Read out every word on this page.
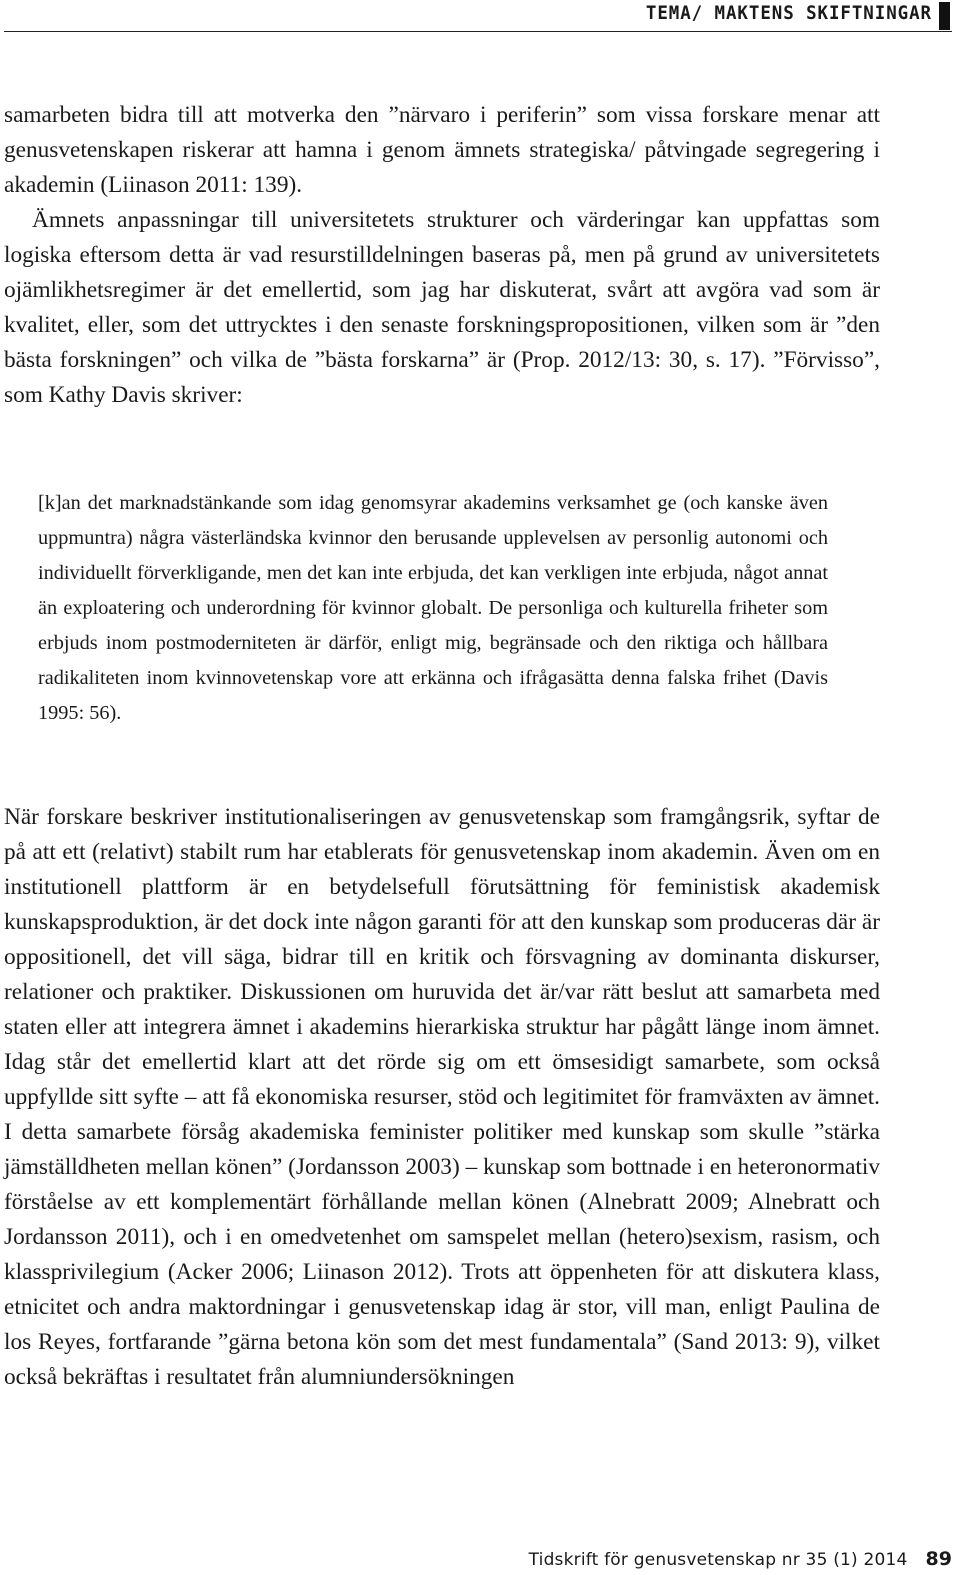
TEMA/ MAKTENS SKIFTNINGAR

samarbeten bidra till att motverka den ”närvaro i periferin” som vissa forskare menar att genusvetenskapen riskerar att hamna i genom ämnets strategiska/ påtvingade segregering i akademin (Liinason 2011: 139).

Ämnets anpassningar till universitetets strukturer och värderingar kan uppfattas som logiska eftersom detta är vad resurstilldelningen baseras på, men på grund av universitetets ojämlikhetsregimer är det emellertid, som jag har diskuterat, svårt att avgöra vad som är kvalitet, eller, som det uttrycktes i den senaste forskningspropositionen, vilken som är ”den bästa forskningen” och vilka de ”bästa forskarna” är (Prop. 2012/13: 30, s. 17). ”Förvisso”, som Kathy Davis skriver:

[k]an det marknadstänkande som idag genomsyrar akademins verksamhet ge (och kanske även uppmuntra) några västerländska kvinnor den berusande upplevelsen av personlig autonomi och individuellt förverkligande, men det kan inte erbjuda, det kan verkligen inte erbjuda, något annat än exploatering och underordning för kvinnor globalt. De personliga och kulturella friheter som erbjuds inom postmoderniteten är därför, enligt mig, begränsade och den riktiga och hållbara radikaliteten inom kvinnovetenskap vore att erkänna och ifrågasätta denna falska frihet (Davis 1995: 56).

När forskare beskriver institutionaliseringen av genusvetenskap som framgångsrik, syftar de på att ett (relativt) stabilt rum har etablerats för genusvetenskap inom akademin. Även om en institutionell plattform är en betydelsefull förutsättning för feministisk akademisk kunskapsproduktion, är det dock inte någon garanti för att den kunskap som produceras där är oppositionell, det vill säga, bidrar till en kritik och försvagning av dominanta diskurser, relationer och praktiker. Diskussionen om huruvida det är/var rätt beslut att samarbeta med staten eller att integrera ämnet i akademins hierarkiska struktur har pågått länge inom ämnet. Idag står det emellertid klart att det rörde sig om ett ömsesidigt samarbete, som också uppfyllde sitt syfte – att få ekonomiska resurser, stöd och legitimitet för framväxten av ämnet. I detta samarbete försåg akademiska feminister politiker med kunskap som skulle ”stärka jämställdheten mellan könen” (Jordansson 2003) – kunskap som bottnade i en heteronormativ förståelse av ett komplementärt förhållande mellan könen (Alnebratt 2009; Alnebratt och Jordansson 2011), och i en omedvetenhet om samspelet mellan (hetero)sexism, rasism, och klassprivilegium (Acker 2006; Liinason 2012). Trots att öppenheten för att diskutera klass, etnicitet och andra maktordningar i genusvetenskap idag är stor, vill man, enligt Paulina de los Reyes, fortfarande ”gärna betona kön som det mest fundamentala” (Sand 2013: 9), vilket också bekräftas i resultatet från alumniundersökningen

Tidskrift för genusvetenskap nr 35 (1) 2014 89
